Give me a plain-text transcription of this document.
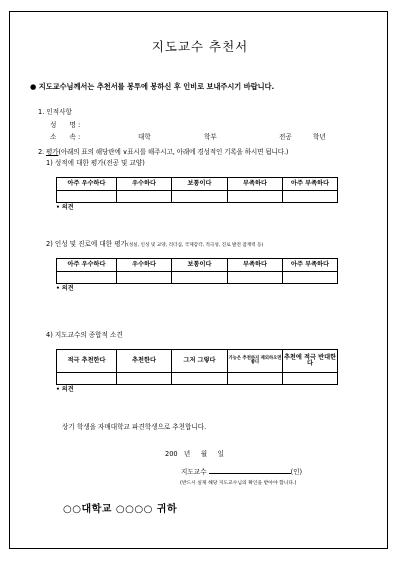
지도교수 추천서
● 지도교수님께서는 추천서를 봉투에 봉하신 후 인비로 보내주시기 바랍니다.
1. 인적사항
성　　명 :
소　　속 :	대학	학부	전공	학년
2. 평가(아래의 표의 해당란에 ∨표시를 해주시고, 아래에 경성적인 기록을 하시면 됩니다.)
1) 성적에 대한 평가(전공 및 교양)
아주 우수하다	우수하다	보통이다	부족하다	아주 부족하다

• 의견
2) 인성 및 진로에 대한 평가(성실, 인성 및 교양, 리더십, 국제감각, 적극성, 진로 발전 잠재력 등)
아주 우수하다	우수하다	보통이다	부족하다	아주 부족하다

• 의견
4) 지도교수의 종합적 소견
적극 추천한다	추천한다	그저 그렇다	가능은 추천하지 제외하오면 좋다	추천에 적극 반대한다

• 의견
상기 학생을 자매대학교 파견학생으로 추천합니다.
200 년 월 일
지도교수	(인)
(반드시 실제 해당 지도교수님의 확인을 받아야 합니다.)
○○대학교 ○○○○ 귀하
